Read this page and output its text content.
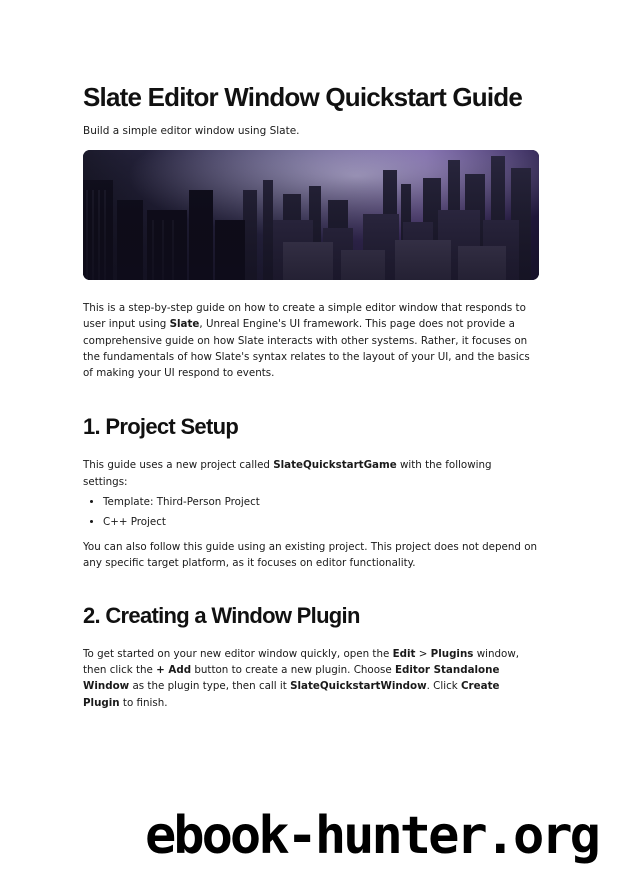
Slate Editor Window Quickstart Guide
Build a simple editor window using Slate.

This is a step-by-step guide on how to create a simple editor window that responds to user input using Slate, Unreal Engine's UI framework. This page does not provide a comprehensive guide on how Slate interacts with other systems. Rather, it focuses on the fundamentals of how Slate's syntax relates to the layout of your UI, and the basics of making your UI respond to events.

1. Project Setup

This guide uses a new project called SlateQuickstartGame with the following settings:

• Template: Third-Person Project
• C++ Project

You can also follow this guide using an existing project. This project does not depend on any specific target platform, as it focuses on editor functionality.

2. Creating a Window Plugin

To get started on your new editor window quickly, open the Edit > Plugins window, then click the + Add button to create a new plugin. Choose Editor Standalone Window as the plugin type, then call it SlateQuickstartWindow. Click Create Plugin to finish.

ebook-hunter.org
